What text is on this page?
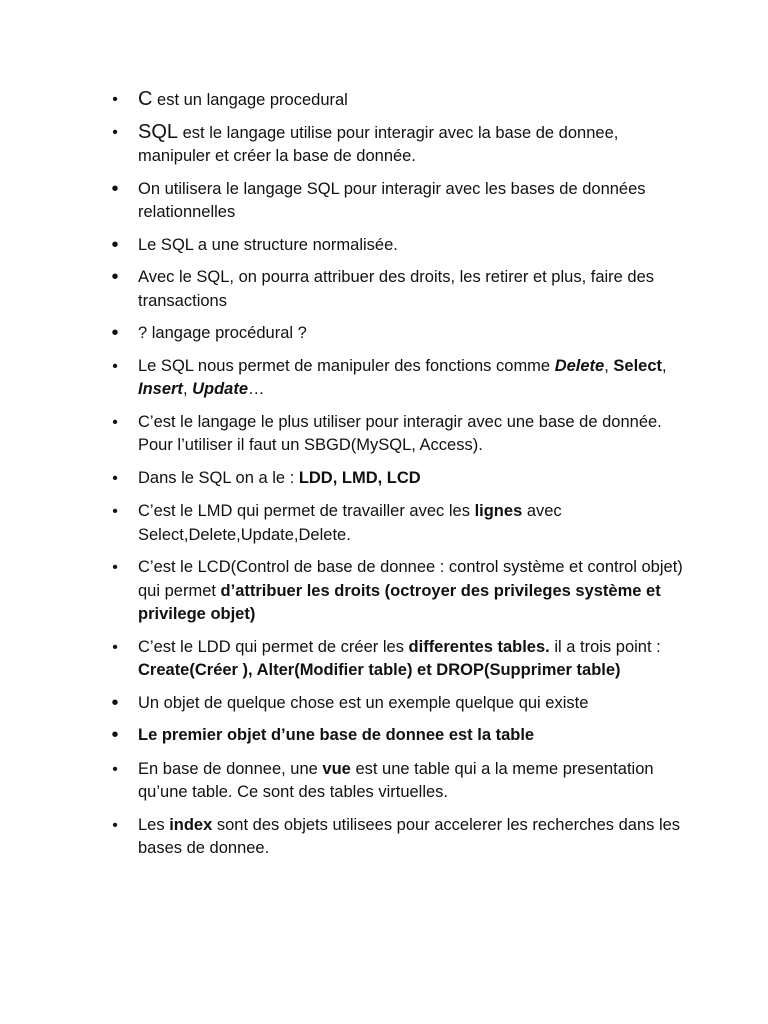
• C est un langage procedural
• SQL est le langage utilise pour interagir avec la base de donnee, manipuler et créer la base de donnée.
• On utilisera le langage SQL pour interagir avec les bases de données relationnelles
• Le SQL a une structure normalisée.
• Avec le SQL, on pourra attribuer des droits, les retirer et plus, faire des transactions
• ? langage procédural ?
• Le SQL nous permet de manipuler des fonctions comme Delete, Select, Insert, Update…
• C’est le langage le plus utiliser pour interagir avec une base de donnée. Pour l’utiliser il faut un SBGD(MySQL, Access).
• Dans le SQL on a le : LDD, LMD, LCD
• C’est le LMD qui permet de travailler avec les lignes avec Select,Delete,Update,Delete.
• C’est le LCD(Control de base de donnee : control système et control objet) qui permet d’attribuer les droits (octroyer des privileges système et privilege objet)
• C’est le LDD qui permet de créer les differentes tables. il a trois point : Create(Créer ), Alter(Modifier table) et DROP(Supprimer table)
• Un objet de quelque chose est un exemple quelque qui existe
• Le premier objet d’une base de donnee est la table
• En base de donnee, une vue est une table qui a la meme presentation qu’une table. Ce sont des tables virtuelles.
• Les index sont des objets utilisees pour accelerer les recherches dans les bases de donnee.
